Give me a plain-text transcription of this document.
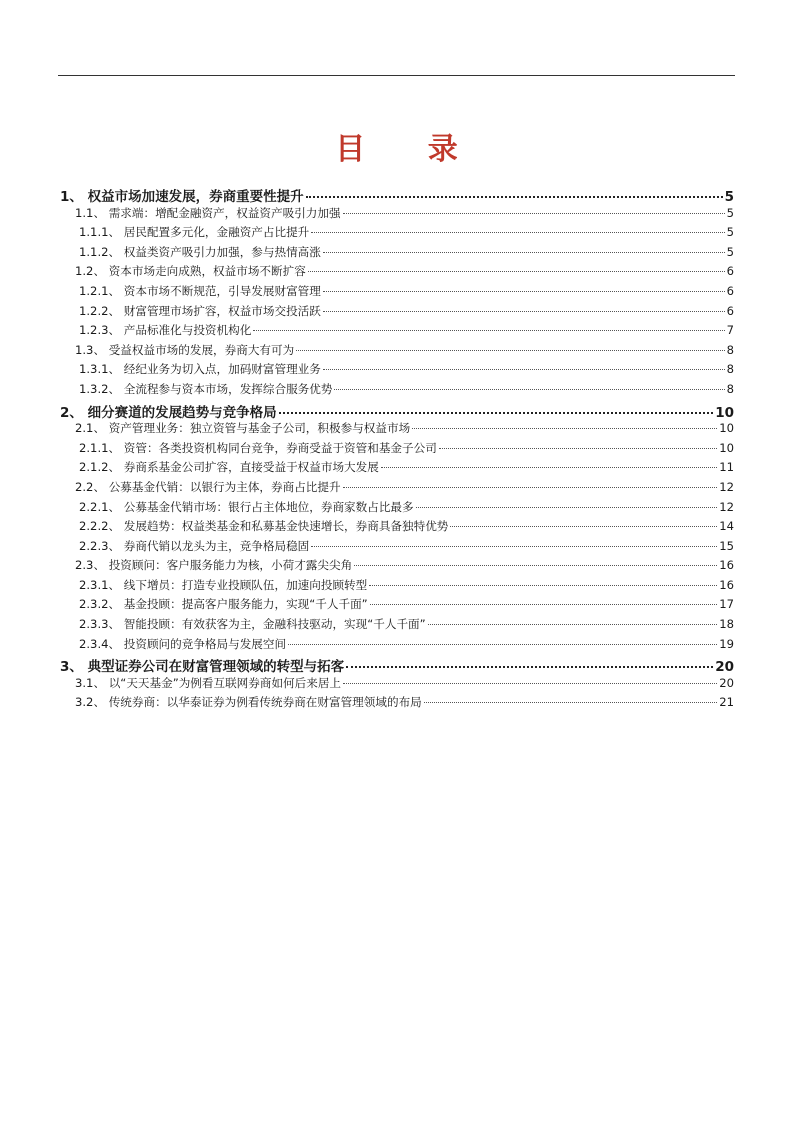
目 录
1、 权益市场加速发展，券商重要性提升	5
1.1、 需求端：增配金融资产，权益资产吸引力加强	5
1.1.1、 居民配置多元化，金融资产占比提升	5
1.1.2、 权益类资产吸引力加强，参与热情高涨	5
1.2、 资本市场走向成熟，权益市场不断扩容	6
1.2.1、 资本市场不断规范，引导发展财富管理	6
1.2.2、 财富管理市场扩容，权益市场交投活跃	6
1.2.3、 产品标准化与投资机构化	7
1.3、 受益权益市场的发展，券商大有可为	8
1.3.1、 经纪业务为切入点，加码财富管理业务	8
1.3.2、 全流程参与资本市场，发挥综合服务优势	8
2、 细分赛道的发展趋势与竞争格局	10
2.1、 资产管理业务：独立资管与基金子公司，积极参与权益市场	10
2.1.1、 资管：各类投资机构同台竞争，券商受益于资管和基金子公司	10
2.1.2、 券商系基金公司扩容，直接受益于权益市场大发展	11
2.2、 公募基金代销：以银行为主体，券商占比提升	12
2.2.1、 公募基金代销市场：银行占主体地位，券商家数占比最多	12
2.2.2、 发展趋势：权益类基金和私募基金快速增长，券商具备独特优势	14
2.2.3、 券商代销以龙头为主，竞争格局稳固	15
2.3、 投资顾问：客户服务能力为核，小荷才露尖尖角	16
2.3.1、 线下增员：打造专业投顾队伍，加速向投顾转型	16
2.3.2、 基金投顾：提高客户服务能力，实现“千人千面”	17
2.3.3、 智能投顾：有效获客为主，金融科技驱动，实现“千人千面”	18
2.3.4、 投资顾问的竞争格局与发展空间	19
3、 典型证券公司在财富管理领域的转型与拓客	20
3.1、 以“天天基金”为例看互联网券商如何后来居上	20
3.2、 传统券商：以华泰证券为例看传统券商在财富管理领域的布局	21
